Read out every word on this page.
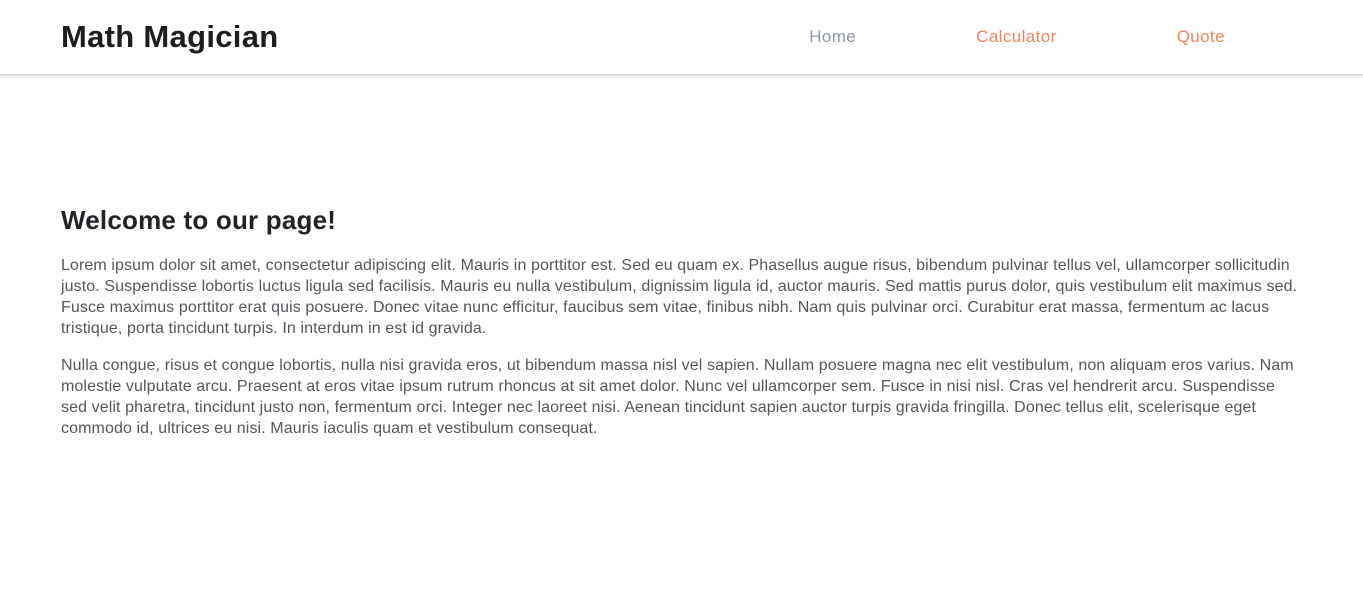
Math Magician	Home	Calculator	Quote
Welcome to our page!

Lorem ipsum dolor sit amet, consectetur adipiscing elit. Mauris in porttitor est. Sed eu quam ex. Phasellus augue risus, bibendum pulvinar tellus vel, ullamcorper sollicitudin justo. Suspendisse lobortis luctus ligula sed facilisis. Mauris eu nulla vestibulum, dignissim ligula id, auctor mauris. Sed mattis purus dolor, quis vestibulum elit maximus sed. Fusce maximus porttitor erat quis posuere. Donec vitae nunc efficitur, faucibus sem vitae, finibus nibh. Nam quis pulvinar orci. Curabitur erat massa, fermentum ac lacus tristique, porta tincidunt turpis. In interdum in est id gravida.

Nulla congue, risus et congue lobortis, nulla nisi gravida eros, ut bibendum massa nisl vel sapien. Nullam posuere magna nec elit vestibulum, non aliquam eros varius. Nam molestie vulputate arcu. Praesent at eros vitae ipsum rutrum rhoncus at sit amet dolor. Nunc vel ullamcorper sem. Fusce in nisi nisl. Cras vel hendrerit arcu. Suspendisse sed velit pharetra, tincidunt justo non, fermentum orci. Integer nec laoreet nisi. Aenean tincidunt sapien auctor turpis gravida fringilla. Donec tellus elit, scelerisque eget commodo id, ultrices eu nisi. Mauris iaculis quam et vestibulum consequat.
